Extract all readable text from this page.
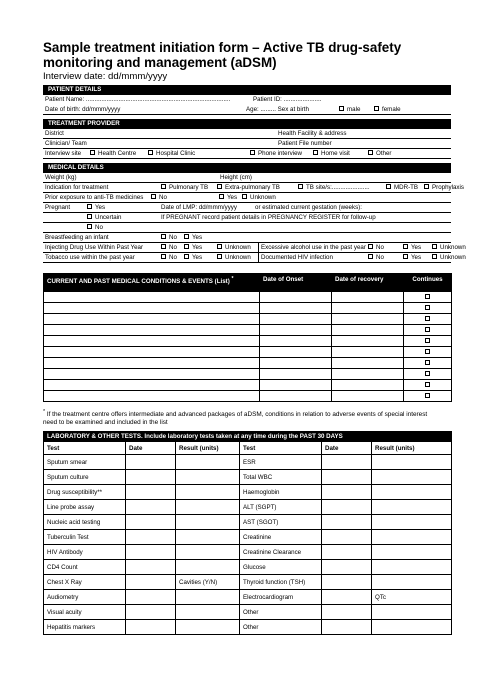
Sample treatment initiation form – Active TB drug-safety monitoring and management (aDSM)
Interview date: dd/mmm/yyyy
PATIENT DETAILS
Patient Name: ....................................................................................	Patient ID: ......................
Date of birth: dd/mmm/yyyy	Age: ......... Sex at birth	male	female
TREATMENT PROVIDER
District	Health Facility & address
Clinician/ Team	Patient File number
Interview site	Health Centre	Hospital Clinic	Phone interview	Home visit	Other
MEDICAL DETAILS
Weight (kg)	Height (cm)
Indication for treatment	Pulmonary TB	Extra-pulmonary TB	TB site/s:......................	MDR-TB	Prophylaxis
Prior exposure to anti-TB medicines	No	Yes	Unknown
Pregnant	Yes	Date of LMP: dd/mmm/yyyy	or estimated current gestation (weeks):
Uncertain	If PREGNANT record patient details in PREGNANCY REGISTER for follow-up
No
Breastfeeding an infant	No	Yes
Injecting Drug Use Within Past Year	No	Yes	Unknown Excessive alcohol use in the past year	No	Yes	Unknown
Tobacco use within the past year	No	Yes	Unknown Documented HIV infection	No	Yes	Unknown
CURRENT AND PAST MEDICAL CONDITIONS & EVENTS (List) *	Date of Onset	Date of recovery	Continues

* If the treatment centre offers intermediate and advanced packages of aDSM, conditions in relation to adverse events of special interest need to be examined and included in the list
LABORATORY & OTHER TESTS. Include laboratory tests taken at any time during the PAST 30 DAYS					
Test	Date	Result (units)	Test	Date	Result (units)
Sputum smear			ESR		
Sputum culture			Total WBC		
Drug susceptibility**			Haemoglobin		
Line probe assay			ALT (SGPT)		
Nucleic acid testing			AST (SGOT)		
Tuberculin Test			Creatinine		
HIV Antibody			Creatinine Clearance		
CD4 Count			Glucose		
Chest X Ray		Cavities (Y/N)	Thyroid function (TSH)		
Audiometry			Electrocardiogram		QTc
Visual acuity			Other		
Hepatitis markers			Other		
